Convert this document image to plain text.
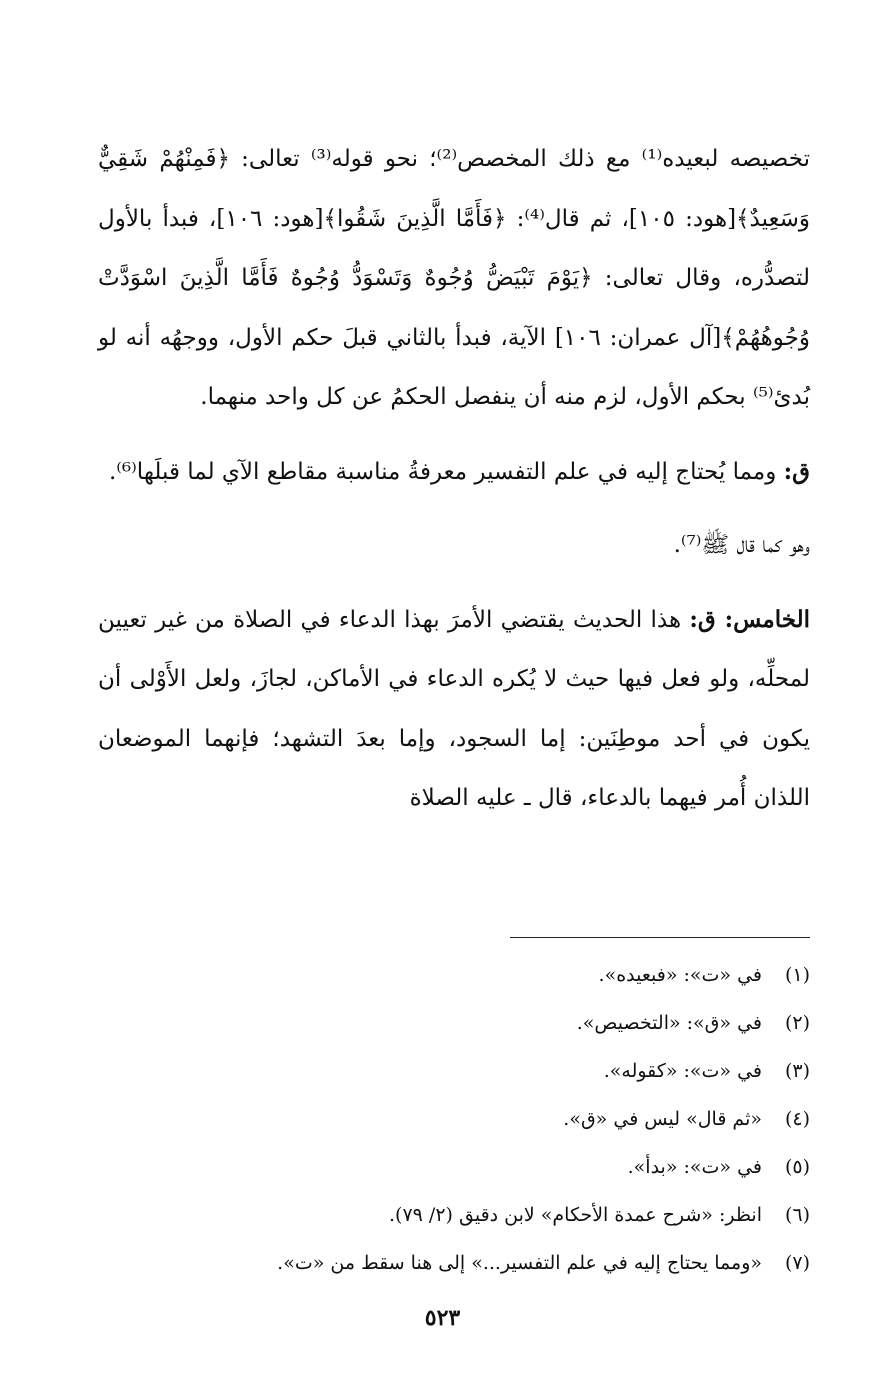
تخصيصه لبعيده⁽¹⁾ مع ذلك المخصص⁽²⁾؛ نحو قوله⁽³⁾ تعالى: ﴿فَمِنْهُمْ شَقِيٌّ وَسَعِيدٌ﴾[هود: ١٠٥]، ثم قال⁽⁴⁾: ﴿فَأَمَّا الَّذِينَ شَقُوا﴾[هود: ١٠٦]، فبدأ بالأول لتصدُّره، وقال تعالى: ﴿يَوْمَ تَبْيَضُّ وُجُوهٌ وَتَسْوَدُّ وُجُوهٌ فَأَمَّا الَّذِينَ اسْوَدَّتْ وُجُوهُهُمْ﴾[آل عمران: ١٠٦] الآية، فبدأ بالثاني قبلَ حكم الأول، ووجهُه أنه لو بُدئ⁽⁵⁾ بحكم الأول، لزم منه أن ينفصل الحكمُ عن كل واحد منهما.

ق: ومما يُحتاج إليه في علم التفسير معرفةُ مناسبة مقاطع الآي لما قبلَها⁽⁶⁾.

وهو كما قال ﷺ⁽⁷⁾.

الخامس: ق: هذا الحديث يقتضي الأمرَ بهذا الدعاء في الصلاة من غير تعيين لمحلِّه، ولو فعل فيها حيث لا يُكره الدعاء في الأماكن، لجازَ، ولعل الأَوْلى أن يكون في أحد موطِنَين: إما السجود، وإما بعدَ التشهد؛ فإنهما الموضعان اللذان أُمر فيهما بالدعاء، قال ـ عليه الصلاة

(١)
في «ت»: «فبعيده».
(٢)
في «ق»: «التخصيص».
(٣)
في «ت»: «كقوله».
(٤)
«ثم قال» ليس في «ق».
(٥)
في «ت»: «بدأ».
(٦)
انظر: «شرح عمدة الأحكام» لابن دقيق (٢/ ٧٩).
(٧)
«ومما يحتاج إليه في علم التفسير...» إلى هنا سقط من «ت».
٥٢٣
